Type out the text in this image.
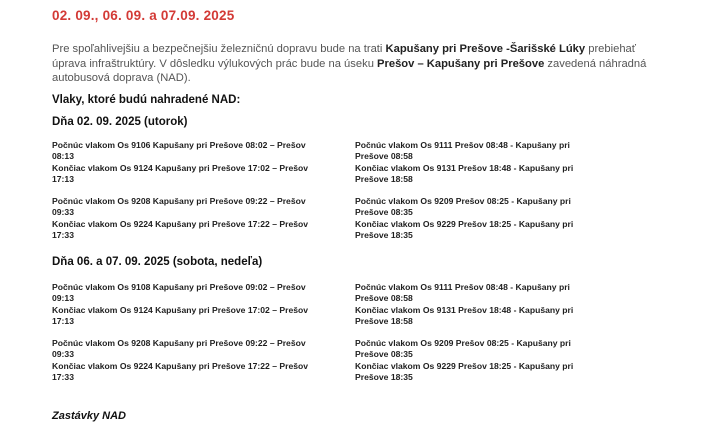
02. 09., 06. 09. a 07.09. 2025
Pre spoľahlivejšiu a bezpečnejšiu železničnú dopravu bude na trati Kapušany pri Prešove -Šarišské Lúky prebiehať úprava infraštruktúry. V dôsledku výlukových prác bude na úseku Prešov – Kapušany pri Prešove zavedená náhradná autobusová doprava (NAD).
Vlaky, ktoré budú nahradené NAD:
Dňa 02. 09. 2025 (utorok)
Počnúc vlakom Os 9106 Kapušany pri Prešove 08:02 – Prešov
08:13
Končiac vlakom Os 9124 Kapušany pri Prešove 17:02 – Prešov
17:13
Počnúc vlakom Os 9208 Kapušany pri Prešove 09:22 – Prešov
09:33
Končiac vlakom Os 9224 Kapušany pri Prešove 17:22 – Prešov
17:33
Počnúc vlakom Os 9111 Prešov 08:48 - Kapušany pri
Prešove 08:58
Končiac vlakom Os 9131 Prešov 18:48 - Kapušany pri
Prešove 18:58
Počnúc vlakom Os 9209 Prešov 08:25 - Kapušany pri
Prešove 08:35
Končiac vlakom Os 9229 Prešov 18:25 - Kapušany pri
Prešove 18:35
Dňa 06. a 07. 09. 2025 (sobota, nedeľa)
Počnúc vlakom Os 9108 Kapušany pri Prešove 09:02 – Prešov
09:13
Končiac vlakom Os 9124 Kapušany pri Prešove 17:02 – Prešov
17:13
Počnúc vlakom Os 9208 Kapušany pri Prešove 09:22 – Prešov
09:33
Končiac vlakom Os 9224 Kapušany pri Prešove 17:22 – Prešov
17:33
Počnúc vlakom Os 9111 Prešov 08:48 - Kapušany pri
Prešove 08:58
Končiac vlakom Os 9131 Prešov 18:48 - Kapušany pri
Prešove 18:58
Počnúc vlakom Os 9209 Prešov 08:25 - Kapušany pri
Prešove 08:35
Končiac vlakom Os 9229 Prešov 18:25 - Kapušany pri
Prešove 18:35
Zastávky NAD
